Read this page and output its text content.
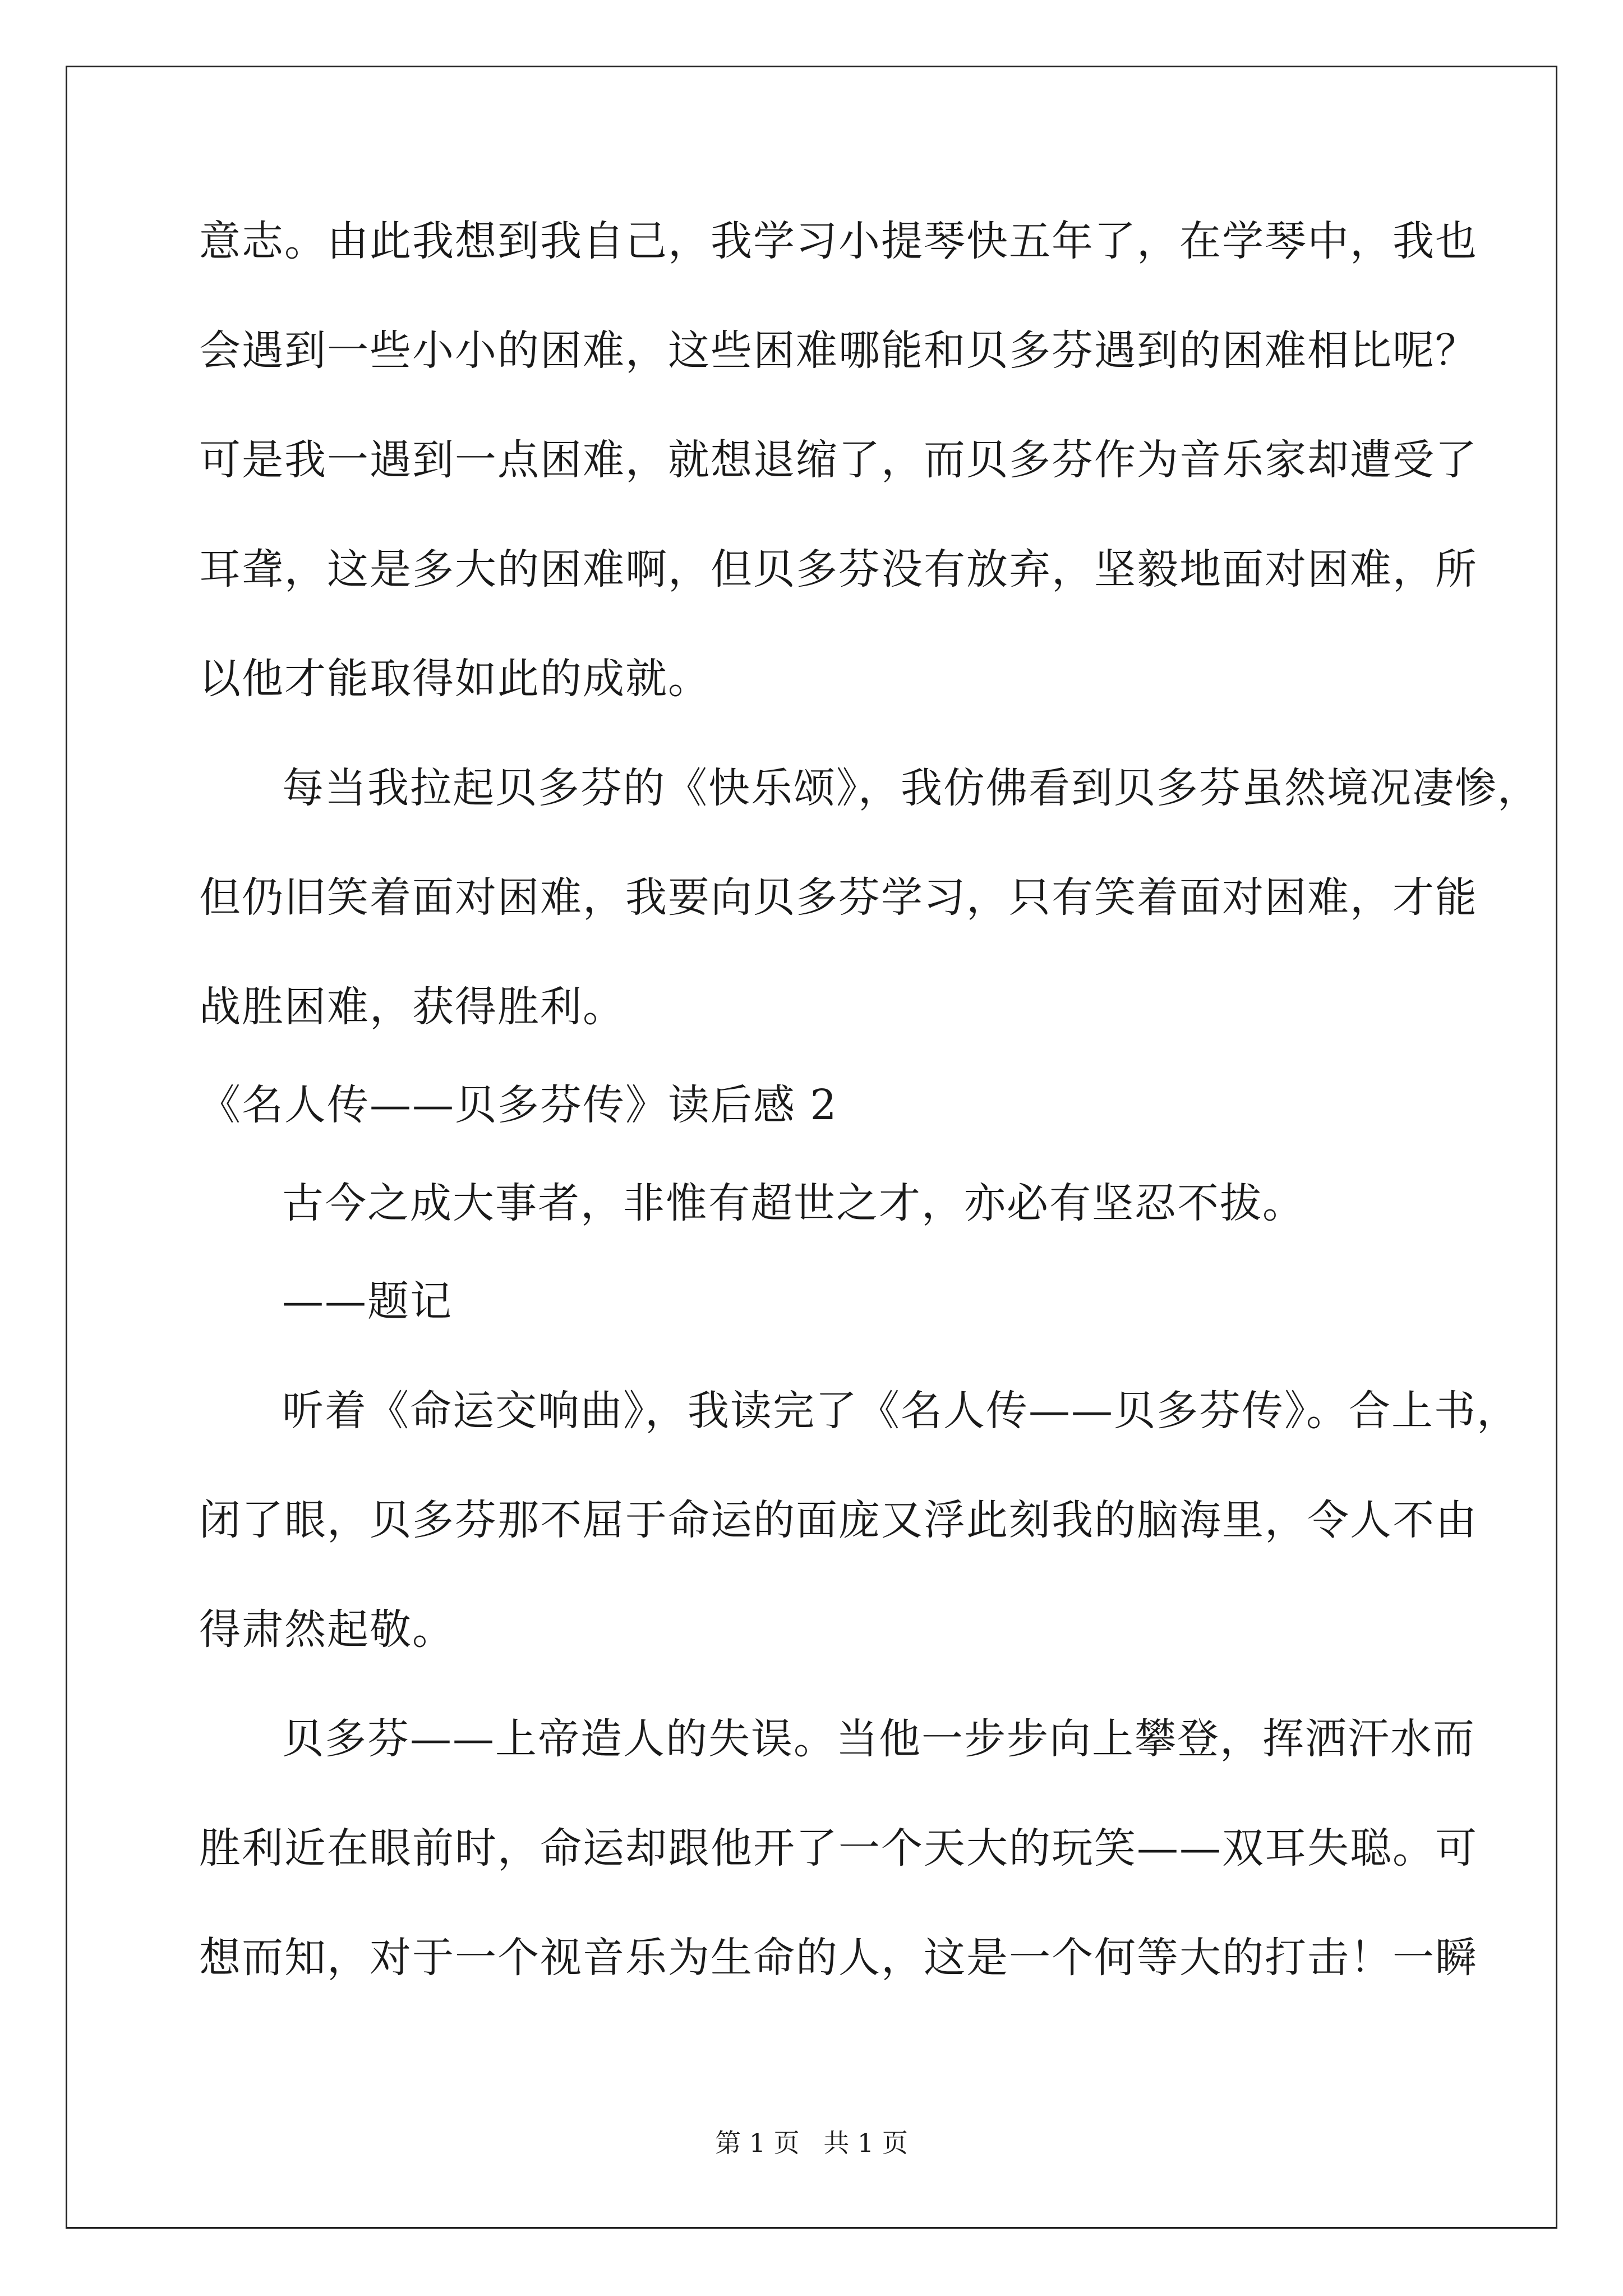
意志。由此我想到我自己，我学习小提琴快五年了，在学琴中，我也
会遇到一些小小的困难，这些困难哪能和贝多芬遇到的困难相比呢？
可是我一遇到一点困难，就想退缩了，而贝多芬作为音乐家却遭受了
耳聋，这是多大的困难啊，但贝多芬没有放弃，坚毅地面对困难，所
以他才能取得如此的成就。
每当我拉起贝多芬的《快乐颂》，我仿佛看到贝多芬虽然境况凄惨，
但仍旧笑着面对困难，我要向贝多芬学习，只有笑着面对困难，才能
战胜困难，获得胜利。
《名人传——贝多芬传》读后感 2
古今之成大事者，非惟有超世之才，亦必有坚忍不拔。
——题记
听着《命运交响曲》，我读完了《名人传——贝多芬传》。合上书，
闭了眼，贝多芬那不屈于命运的面庞又浮此刻我的脑海里，令人不由
得肃然起敬。
贝多芬——上帝造人的失误。当他一步步向上攀登，挥洒汗水而
胜利近在眼前时，命运却跟他开了一个天大的玩笑——双耳失聪。可
想而知，对于一个视音乐为生命的人，这是一个何等大的打击！一瞬
第 1 页 共 1 页
